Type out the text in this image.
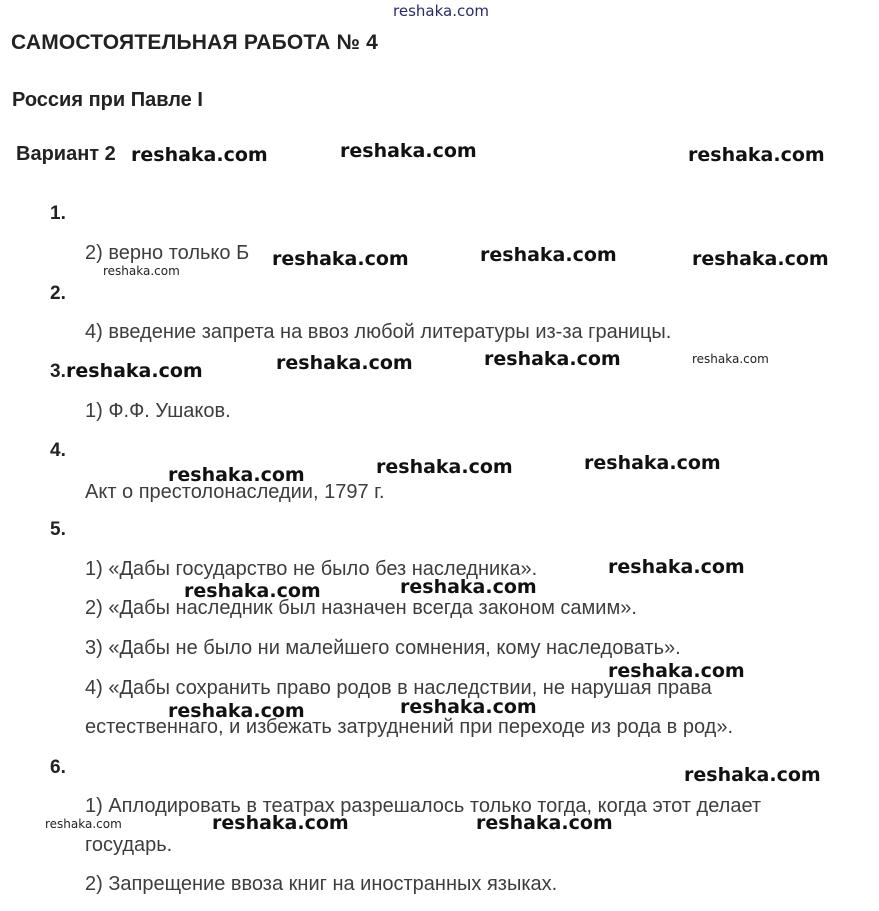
reshaka.com
САМОСТОЯТЕЛЬНАЯ РАБОТА № 4
Россия при Павле I
Вариант 2
1.
2) верно только Б
2.
4) введение запрета на ввоз любой литературы из-за границы.
3.
1) Ф.Ф. Ушаков.
4.
Акт о престолонаследии, 1797 г.
5.
1) «Дабы государство не было без наследника».
2) «Дабы наследник был назначен всегда законом самим».
3) «Дабы не было ни малейшего сомнения, кому наследовать».
4) «Дабы сохранить право родов в наследствии, не нарушая права
естественнаго, и избежать затруднений при переходе из рода в род».
6.
1) Аплодировать в театрах разрешалось только тогда, когда этот делает
государь.
2) Запрещение ввоза книг на иностранных языках.
reshaka.com	reshaka.com	reshaka.com
reshaka.com	reshaka.com	reshaka.com
reshaka.com
reshaka.com	reshaka.com	reshaka.com	reshaka.com
reshaka.com	reshaka.com	reshaka.com
reshaka.com
reshaka.com	reshaka.com
reshaka.com
reshaka.com	reshaka.com
reshaka.com
reshaka.com	reshaka.com	reshaka.com
